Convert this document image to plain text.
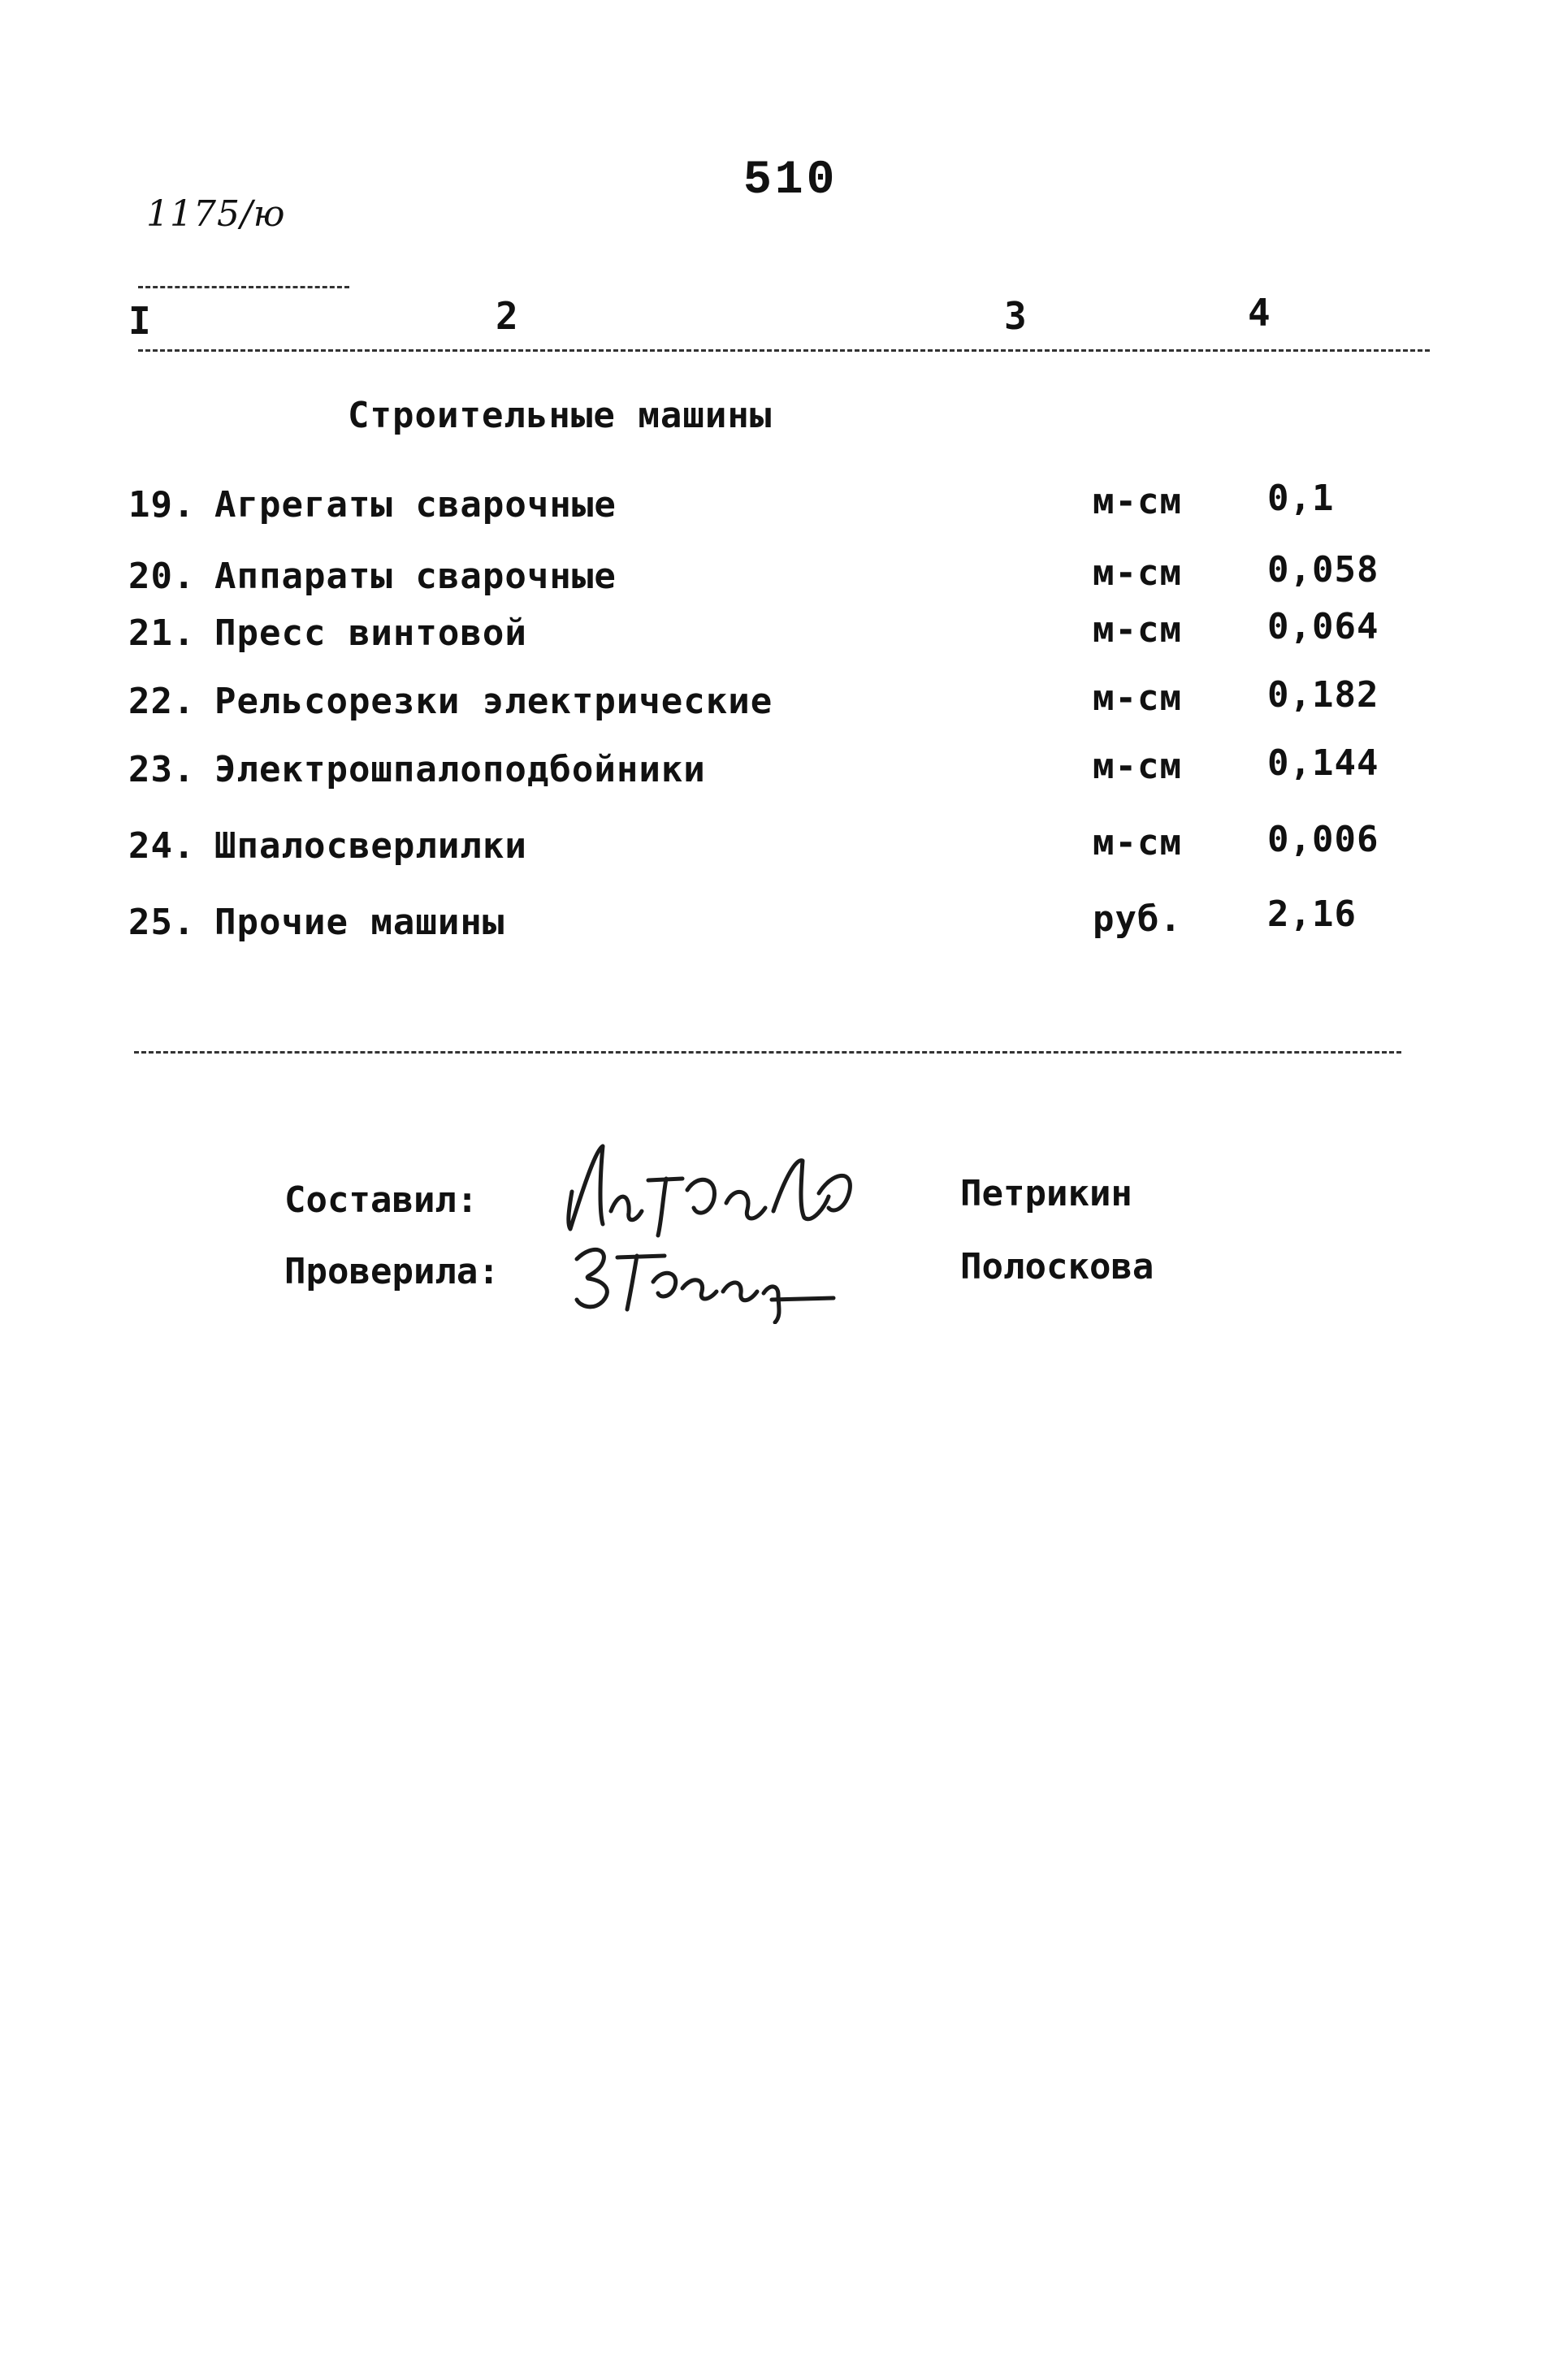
1175/ю
510
I	2	3	4
Строительные машины
19. Агрегаты сварочные	м-см 0,1
20. Аппараты сварочные	м-см 0,058
21. Пресс винтовой	м-см 0,064
22. Рельсорезки электрические	м-см 0,182
23. Электрошпалоподбойники	м-см 0,144
24. Шпалосверлилки	м-см 0,006
25. Прочие машины	руб. 2,16
Составил:	Петрикин
Проверила:	Полоскова
